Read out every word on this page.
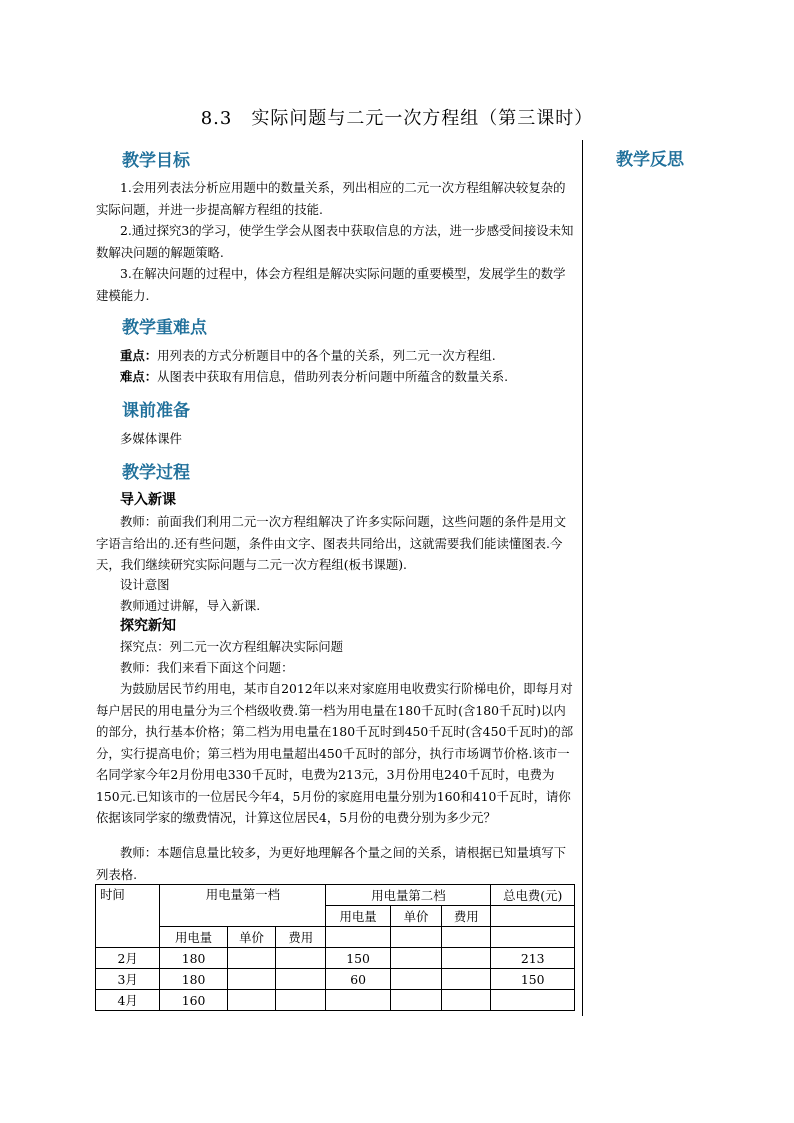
8.3　实际问题与二元一次方程组（第三课时）
教学反思
教学目标

1.会用列表法分析应用题中的数量关系，列出相应的二元一次方程组解决较复杂的实际问题，并进一步提高解方程组的技能.

2.通过探究3的学习，使学生学会从图表中获取信息的方法，进一步感受间接设未知数解决问题的解题策略.

3.在解决问题的过程中，体会方程组是解决实际问题的重要模型，发展学生的数学建模能力.

教学重难点
重点：用列表的方式分析题目中的各个量的关系，列二元一次方程组.
难点：从图表中获取有用信息，借助列表分析问题中所蕴含的数量关系.
课前准备
多媒体课件
教学过程
导入新课

教师：前面我们利用二元一次方程组解决了许多实际问题，这些问题的条件是用文字语言给出的.还有些问题，条件由文字、图表共同给出，这就需要我们能读懂图表.今天，我们继续研究实际问题与二元一次方程组(板书课题).

设计意图
教师通过讲解，导入新课.
探究新知
探究点：列二元一次方程组解决实际问题
教师：我们来看下面这个问题：

为鼓励居民节约用电，某市自2012年以来对家庭用电收费实行阶梯电价，即每月对每户居民的用电量分为三个档级收费.第一档为用电量在180千瓦时(含180千瓦时)以内的部分，执行基本价格；第二档为用电量在180千瓦时到450千瓦时(含450千瓦时)的部分，实行提高电价；第三档为用电量超出450千瓦时的部分，执行市场调节价格.该市一名同学家今年2月份用电330千瓦时，电费为213元，3月份用电240千瓦时，电费为150元.已知该市的一位居民今年4，5月份的家庭用电量分别为160和410千瓦时，请你依据该同学家的缴费情况，计算这位居民4，5月份的电费分别为多少元？

教师：本题信息量比较多，为更好地理解各个量之间的关系，请根据已知量填写下列表格.

时间	用电量第一档			用电量第二档			总电费(元)
				用电量	单价	费用	
	用电量	单价	费用				
2月	180			150			213
3月	180			60			150
4月	160						
